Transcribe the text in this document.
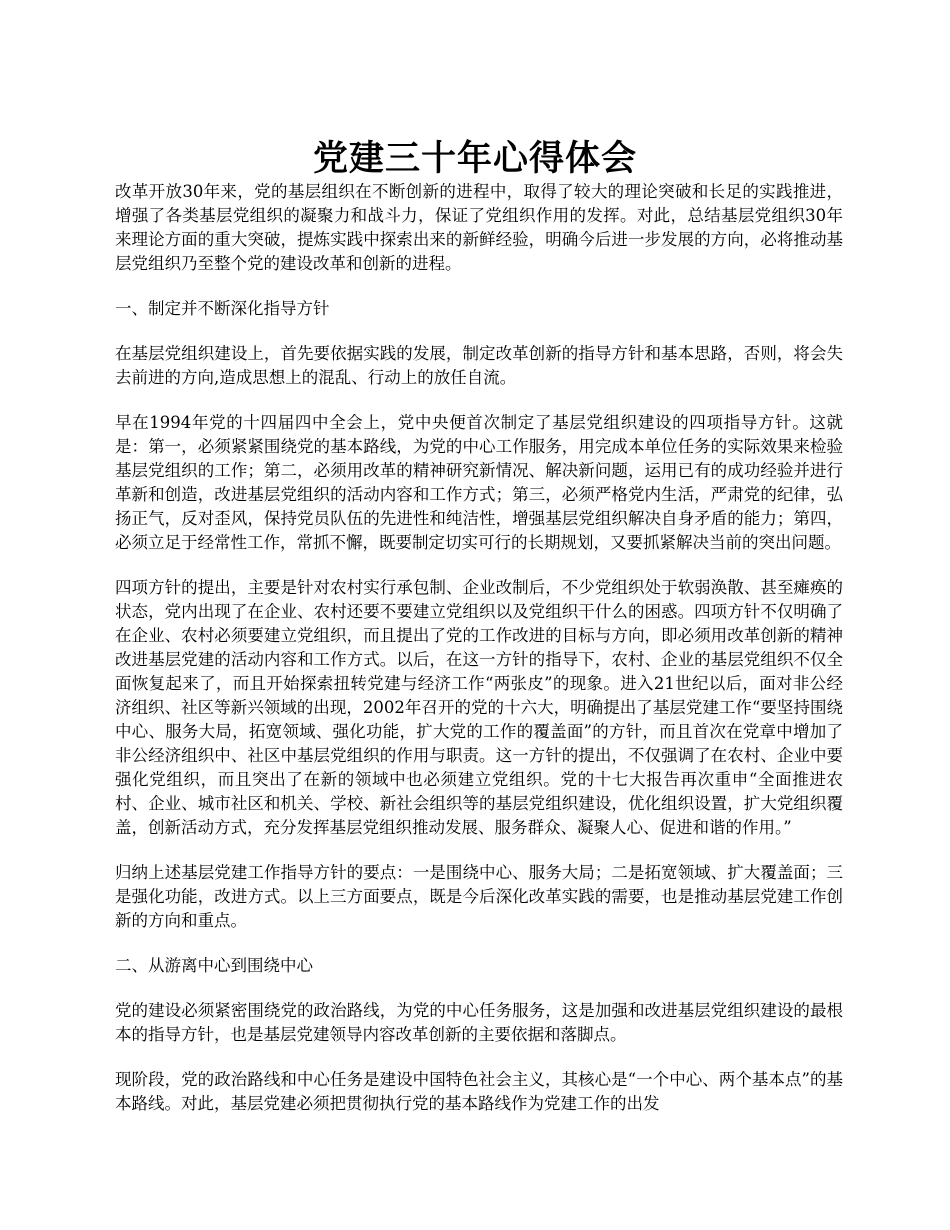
党建三十年心得体会

改革开放30年来，党的基层组织在不断创新的进程中，取得了较大的理论突破和长足的实践推进，增强了各类基层党组织的凝聚力和战斗力，保证了党组织作用的发挥。对此，总结基层党组织30年来理论方面的重大突破，提炼实践中探索出来的新鲜经验，明确今后进一步发展的方向，必将推动基层党组织乃至整个党的建设改革和创新的进程。

一、制定并不断深化指导方针

在基层党组织建设上，首先要依据实践的发展，制定改革创新的指导方针和基本思路，否则，将会失去前进的方向,造成思想上的混乱、行动上的放任自流。

早在1994年党的十四届四中全会上，党中央便首次制定了基层党组织建设的四项指导方针。这就是：第一，必须紧紧围绕党的基本路线，为党的中心工作服务，用完成本单位任务的实际效果来检验基层党组织的工作；第二，必须用改革的精神研究新情况、解决新问题，运用已有的成功经验并进行革新和创造，改进基层党组织的活动内容和工作方式；第三，必须严格党内生活，严肃党的纪律，弘扬正气，反对歪风，保持党员队伍的先进性和纯洁性，增强基层党组织解决自身矛盾的能力；第四，必须立足于经常性工作，常抓不懈，既要制定切实可行的长期规划，又要抓紧解决当前的突出问题。

四项方针的提出，主要是针对农村实行承包制、企业改制后，不少党组织处于软弱涣散、甚至瘫痪的状态，党内出现了在企业、农村还要不要建立党组织以及党组织干什么的困惑。四项方针不仅明确了在企业、农村必须要建立党组织，而且提出了党的工作改进的目标与方向，即必须用改革创新的精神改进基层党建的活动内容和工作方式。以后，在这一方针的指导下，农村、企业的基层党组织不仅全面恢复起来了，而且开始探索扭转党建与经济工作“两张皮”的现象。进入21世纪以后，面对非公经济组织、社区等新兴领域的出现，2002年召开的党的十六大，明确提出了基层党建工作“要坚持围绕中心、服务大局，拓宽领域、强化功能，扩大党的工作的覆盖面”的方针，而且首次在党章中增加了非公经济组织中、社区中基层党组织的作用与职责。这一方针的提出，不仅强调了在农村、企业中要强化党组织，而且突出了在新的领域中也必须建立党组织。党的十七大报告再次重申“全面推进农村、企业、城市社区和机关、学校、新社会组织等的基层党组织建设，优化组织设置，扩大党组织覆盖，创新活动方式，充分发挥基层党组织推动发展、服务群众、凝聚人心、促进和谐的作用。”

归纳上述基层党建工作指导方针的要点：一是围绕中心、服务大局；二是拓宽领域、扩大覆盖面；三是强化功能，改进方式。以上三方面要点，既是今后深化改革实践的需要，也是推动基层党建工作创新的方向和重点。

二、从游离中心到围绕中心

党的建设必须紧密围绕党的政治路线，为党的中心任务服务，这是加强和改进基层党组织建设的最根本的指导方针，也是基层党建领导内容改革创新的主要依据和落脚点。

现阶段，党的政治路线和中心任务是建设中国特色社会主义，其核心是“一个中心、两个基本点”的基本路线。对此，基层党建必须把贯彻执行党的基本路线作为党建工作的出发
